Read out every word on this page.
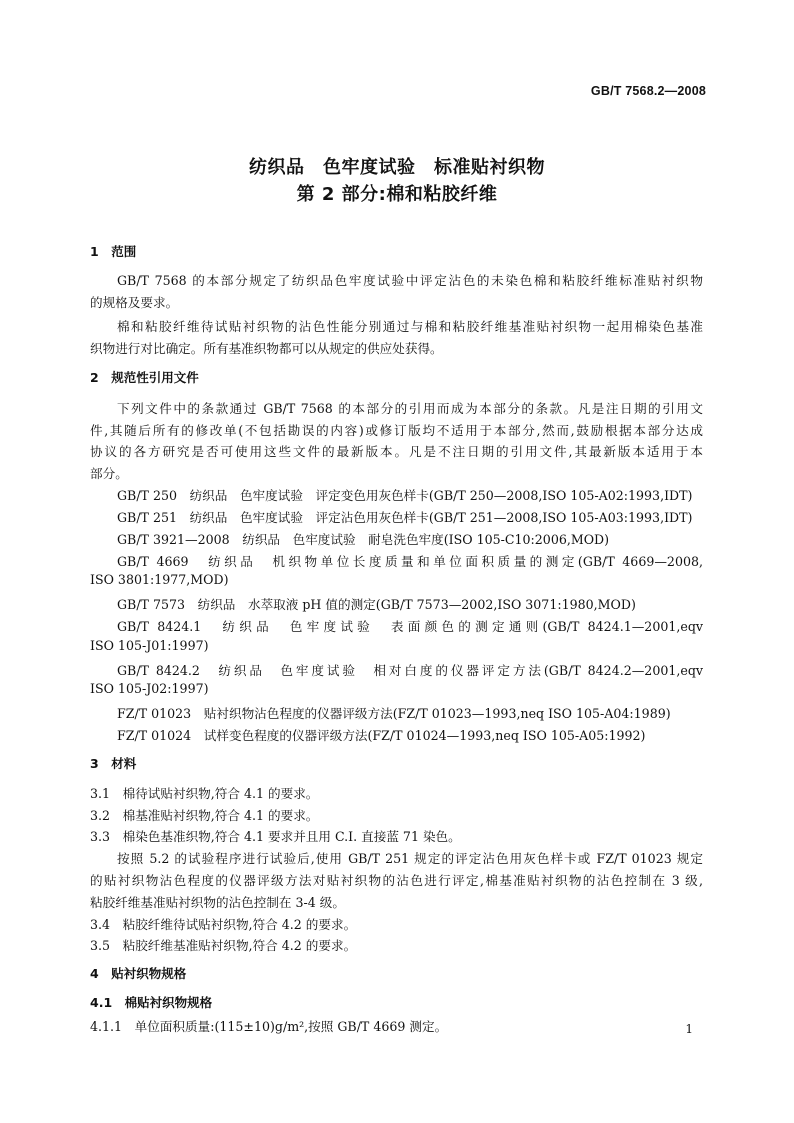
GB/T 7568.2—2008
纺织品　色牢度试验　标准贴衬织物
第 2 部分:棉和粘胶纤维
1　范围
GB/T 7568 的本部分规定了纺织品色牢度试验中评定沾色的未染色棉和粘胶纤维标准贴衬织物
的规格及要求。
棉和粘胶纤维待试贴衬织物的沾色性能分别通过与棉和粘胶纤维基准贴衬织物一起用棉染色基准
织物进行对比确定。所有基准织物都可以从规定的供应处获得。
2　规范性引用文件
下列文件中的条款通过 GB/T 7568 的本部分的引用而成为本部分的条款。凡是注日期的引用文
件,其随后所有的修改单(不包括勘误的内容)或修订版均不适用于本部分,然而,鼓励根据本部分达成
协议的各方研究是否可使用这些文件的最新版本。凡是不注日期的引用文件,其最新版本适用于本
部分。
GB/T 250　纺织品　色牢度试验　评定变色用灰色样卡(GB/T 250—2008,ISO 105-A02:1993,IDT)
GB/T 251　纺织品　色牢度试验　评定沾色用灰色样卡(GB/T 251—2008,ISO 105-A03:1993,IDT)
GB/T 3921—2008　纺织品　色牢度试验　耐皂洗色牢度(ISO 105-C10:2006,MOD)
GB/T 4669　纺织品　机织物单位长度质量和单位面积质量的测定(GB/T 4669—2008,
ISO 3801:1977,MOD)
GB/T 7573　纺织品　水萃取液 pH 值的测定(GB/T 7573—2002,ISO 3071:1980,MOD)
GB/T 8424.1　纺织品　色牢度试验　表面颜色的测定通则(GB/T 8424.1—2001,eqv
ISO 105-J01:1997)
GB/T 8424.2　纺织品　色牢度试验　相对白度的仪器评定方法(GB/T 8424.2—2001,eqv
ISO 105-J02:1997)
FZ/T 01023　贴衬织物沾色程度的仪器评级方法(FZ/T 01023—1993,neq ISO 105-A04:1989)
FZ/T 01024　试样变色程度的仪器评级方法(FZ/T 01024—1993,neq ISO 105-A05:1992)
3　材料
3.1　棉待试贴衬织物,符合 4.1 的要求。
3.2　棉基准贴衬织物,符合 4.1 的要求。
3.3　棉染色基准织物,符合 4.1 要求并且用 C.I. 直接蓝 71 染色。
按照 5.2 的试验程序进行试验后,使用 GB/T 251 规定的评定沾色用灰色样卡或 FZ/T 01023 规定
的贴衬织物沾色程度的仪器评级方法对贴衬织物的沾色进行评定,棉基准贴衬织物的沾色控制在 3 级,
粘胶纤维基准贴衬织物的沾色控制在 3-4 级。
3.4　粘胶纤维待试贴衬织物,符合 4.2 的要求。
3.5　粘胶纤维基准贴衬织物,符合 4.2 的要求。
4　贴衬织物规格
4.1　棉贴衬织物规格
4.1.1　单位面积质量:(115±10)g/m²,按照 GB/T 4669 测定。	1
